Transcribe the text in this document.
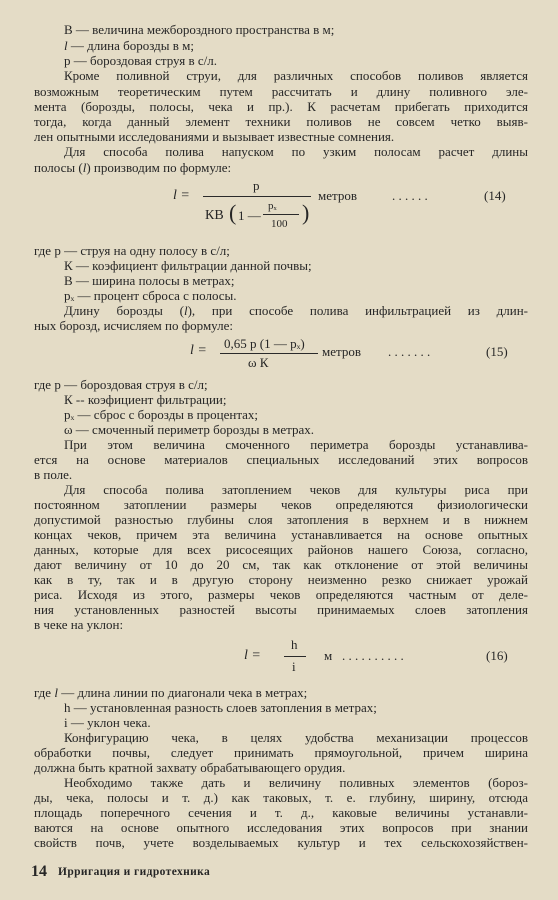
В — величина межбороздного пространства в м;
l — длина борозды в м;
р — бороздовая струя в с/л.
Кроме поливной струи, для различных способов поливов является
возможным теоретическим путем рассчитать и длину поливного эле-
мента (борозды, полосы, чека и пр.). К расчетам прибегать приходится
тогда, когда данный элемент техники поливов не совсем четко выяв-
лен опытными исследованиями и вызывает известные сомнения.
Для способа полива напуском по узким полосам расчет длины
полосы (l) производим по формуле:
l =
р
КВ ( 1 —
рₓ
100 )
метров	. . . . . .	(14)
где р — струя на одну полосу в с/л;
К — коэфициент фильтрации данной почвы;
В — ширина полосы в метрах;
рₓ — процент сброса с полосы.
Длину борозды (l), при способе полива инфильтрацией из длин-
ных борозд, исчисляем по формуле:
l = 0,65 р (1 — рₓ)
ω К
метров . . . . . . .	(15)
где р — бороздовая струя в с/л;
К -- коэфициент фильтрации;
рₓ — сброс с борозды в процентах;
ω — смоченный периметр борозды в метрах.
При этом величина смоченного периметра борозды устанавлива-
ется на основе материалов специальных исследований этих вопросов
в поле.
Для способа полива затоплением чеков для культуры риса при
постоянном затоплении размеры чеков определяются физиологически
допустимой разностью глубины слоя затопления в верхнем и в нижнем
концах чеков, причем эта величина устанавливается на основе опытных
данных, которые для всех рисосеящих районов нашего Союза, согласно,
дают величину от 10 до 20 см, так как отклонение от этой величины
как в ту, так и в другую сторону неизменно резко снижает урожай
риса. Исходя из этого, размеры чеков определяются частным от деле-
ния установленных разностей высоты принимаемых слоев затопления
в чеке на уклон:
l =
h
i
м . . . . . . . . . .	(16)
где l — длина линии по диагонали чека в метрах;
h — установленная разность слоев затопления в метрах;
i — уклон чека.
Конфигурацию чека, в целях удобства механизации процессов
обработки почвы, следует принимать прямоугольной, причем ширина
должна быть кратной захвату обрабатывающего орудия.
Необходимо также дать и величину поливных элементов (бороз-
ды, чека, полосы и т. д.) как таковых, т. е. глубину, ширину, отсюда
площадь поперечного сечения и т. д., каковые величины устанавли-
ваются на основе опытного исследования этих вопросов при знании
свойств почв, учете возделываемых культур и тех сельскохозяйствен-
14 Ирригация и гидротехника
